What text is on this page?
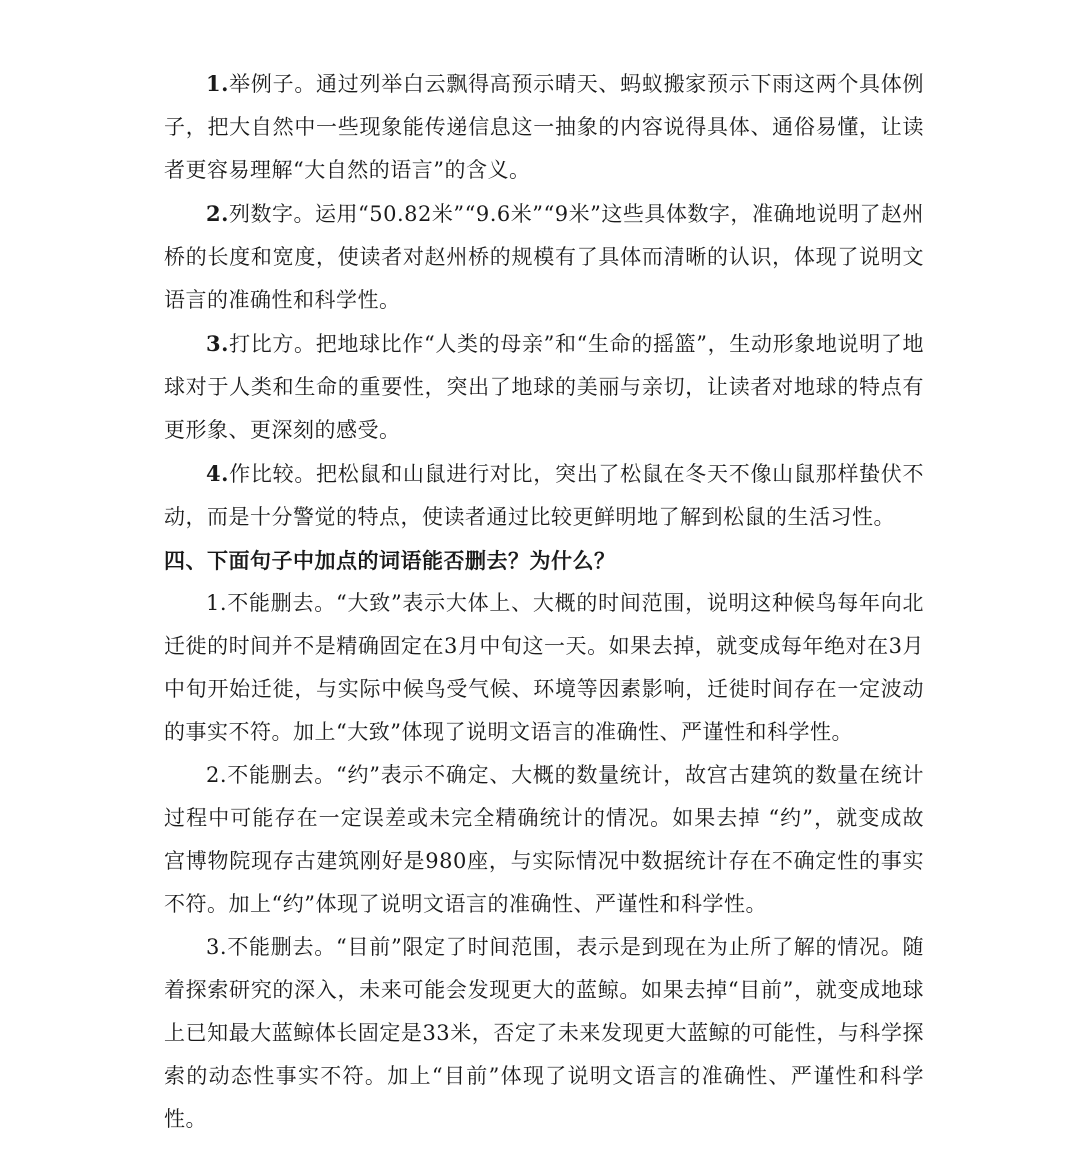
1.举例子。通过列举白云飘得高预示晴天、蚂蚁搬家预示下雨这两个具体例子，把大自然中一些现象能传递信息这一抽象的内容说得具体、通俗易懂，让读者更容易理解“大自然的语言”的含义。

2.列数字。运用“50.82米”“9.6米”“9米”这些具体数字，准确地说明了赵州桥的长度和宽度，使读者对赵州桥的规模有了具体而清晰的认识，体现了说明文语言的准确性和科学性。

3.打比方。把地球比作“人类的母亲”和“生命的摇篮”，生动形象地说明了地球对于人类和生命的重要性，突出了地球的美丽与亲切，让读者对地球的特点有更形象、更深刻的感受。

4.作比较。把松鼠和山鼠进行对比，突出了松鼠在冬天不像山鼠那样蛰伏不动，而是十分警觉的特点，使读者通过比较更鲜明地了解到松鼠的生活习性。

四、下面句子中加点的词语能否删去？为什么？

1.不能删去。“大致”表示大体上、大概的时间范围，说明这种候鸟每年向北迁徙的时间并不是精确固定在3月中旬这一天。如果去掉，就变成每年绝对在3月中旬开始迁徙，与实际中候鸟受气候、环境等因素影响，迁徙时间存在一定波动的事实不符。加上“大致”体现了说明文语言的准确性、严谨性和科学性。

2.不能删去。“约”表示不确定、大概的数量统计，故宫古建筑的数量在统计过程中可能存在一定误差或未完全精确统计的情况。如果去掉 “约”，就变成故宫博物院现存古建筑刚好是980座，与实际情况中数据统计存在不确定性的事实不符。加上“约”体现了说明文语言的准确性、严谨性和科学性。

3.不能删去。“目前”限定了时间范围，表示是到现在为止所了解的情况。随着探索研究的深入，未来可能会发现更大的蓝鲸。如果去掉“目前”，就变成地球上已知最大蓝鲸体长固定是33米，否定了未来发现更大蓝鲸的可能性，与科学探索的动态性事实不符。加上“目前”体现了说明文语言的准确性、严谨性和科学性。
